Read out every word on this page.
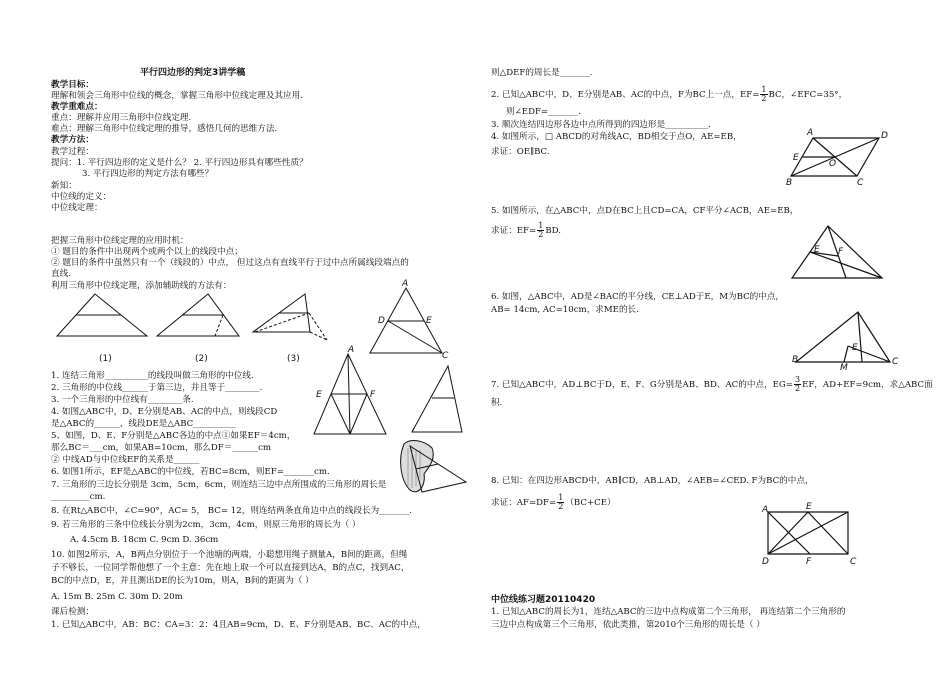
平行四边形的判定3讲学稿
教学目标：
理解和领会三角形中位线的概念，掌握三角形中位线定理及其应用.
教学重难点：
重点：理解并应用三角形中位线定理.
难点：理解三角形中位线定理的推导，感悟几何的思维方法.
教学方法：
教学过程：
提问：1. 平行四边形的定义是什么？ 2. 平行四边形具有哪些性质？
3. 平行四边形的判定方法有哪些？
新知：
中位线的定义：
中位线定理：
把握三角形中位线定理的应用时机：
① 题目的条件中出现两个或两个以上的线段中点；
② 题目的条件中虽然只有一个（线段的）中点， 但过这点有直线平行于过中点所属线段端点的
直线.
利用三角形中位线定理，添加辅助线的方法有：
(1)	(2)	(3)
A
D	E
1. 连结三角形__________的线段叫做三角形的中位线.
2. 三角形的中位线______于第三边，并且等于________.
3. 一个三角形的中位线有________条.
4. 如图△ABC中，D、E分别是AB、AC的中点，则线段CD
是△ABC的______，线段DE是△ABC__________
5、如图，D、E、F分别是△ABC各边的中点①如果EF＝4cm，
那么BC＝___cm，如果AB=10cm，那么DF＝______cm
② 中线AD与中位线EF的关系是______
6. 如图1所示，EF是△ABC的中位线，若BC=8cm，则EF=_______cm.
7. 三角形的三边长分别是 3cm，5cm，6cm，则连结三边中点所围成的三角形的周长是
_________cm.
8. 在Rt△ABC中，∠C=90°，AC= 5， BC= 12，则连结两条直角边中点的线段长为_______.
9. 若三角形的三条中位线长分别为2cm，3cm，4cm，则原三角形的周长为（ ）
A. 4.5cm B. 18cm C. 9cm D. 36cm
10. 如图2所示，A，B两点分别位于一个池塘的两端，小聪想用绳子测量A，B间的距离，但绳
子不够长，一位同学帮他想了一个主意：先在地上取一个可以直接到达A，B的点C，找到AC，
BC的中点D，E，并且测出DE的长为10m，则A，B间的距离为（ ）
A. 15m B. 25m C. 30m D. 20m
课后检测：
1. 已知△ABC中，AB：BC：CA=3：2：4且AB=9cm，D、E、F分别是AB、BC、AC的中点，
A
E	F
C
则△DEF的周长是_______.
2. 已知△ABC中，D、E分别是AB、AC的中点，F为BC上一点，$EF= \frac{1}{2}$ BC，∠EFC=35°，
则∠EDF=_______.
3. 顺次连结四边形各边中点所得到的四边形是__________.
4. 如图所示，□ ABCD的对角线AC，BD相交于点O，AE=EB，
求证：OE∥BC.
A	D
E
O
B	C
5. 如图所示，在△ABC中，点D在BC上且CD=CA，CF平分∠ACB，AE=EB，
求证：$EF= \frac{1}{2}$ BD.
E F
6. 如图，△ABC中，AD是∠BAC的平分线，CE⊥AD于E，M为BC的中点，
AB= 14cm, AC=10cm，求ME的长.
E
B
M
C
7. 已知△ABC中，AD⊥BC于D，E、F、G分别是AB、BD、AC的中点，$EG= \frac{3}{2}$ EF，AD+EF=9cm，求△ABC面
积.
8. 已知：在四边形ABCD中，AB∥CD，AB⊥AD，∠AEB=∠CED. F为BC的中点，
求证：$AF=DF= \frac{1}{2} (BC+CE)$
A	E
D	F	C
中位线练习题20110420
1. 已知△ABC的周长为1，连结△ABC的三边中点构成第二个三角形， 再连结第二个三角形的
三边中点构成第三个三角形，依此类推，第2010个三角形的周长是（ ）
